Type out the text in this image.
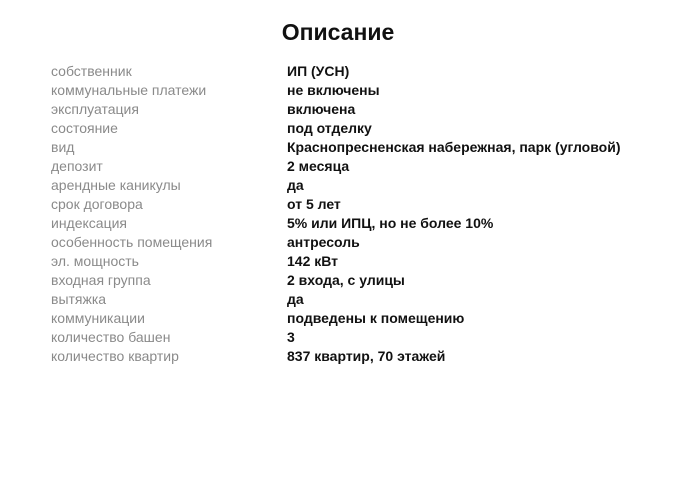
Описание
собственник	ИП (УСН)
коммунальные платежи	не включены
эксплуатация	включена
состояние	под отделку
вид	Краснопресненская набережная, парк (угловой)
депозит	2 месяца
арендные каникулы	да
срок договора	от 5 лет
индексация	5% или ИПЦ, но не более 10%
особенность помещения	антресоль
эл. мощность	142 кВт
входная группа	2 входа, с улицы
вытяжка	да
коммуникации	подведены к помещению
количество башен	3
количество квартир	837 квартир, 70 этажей
